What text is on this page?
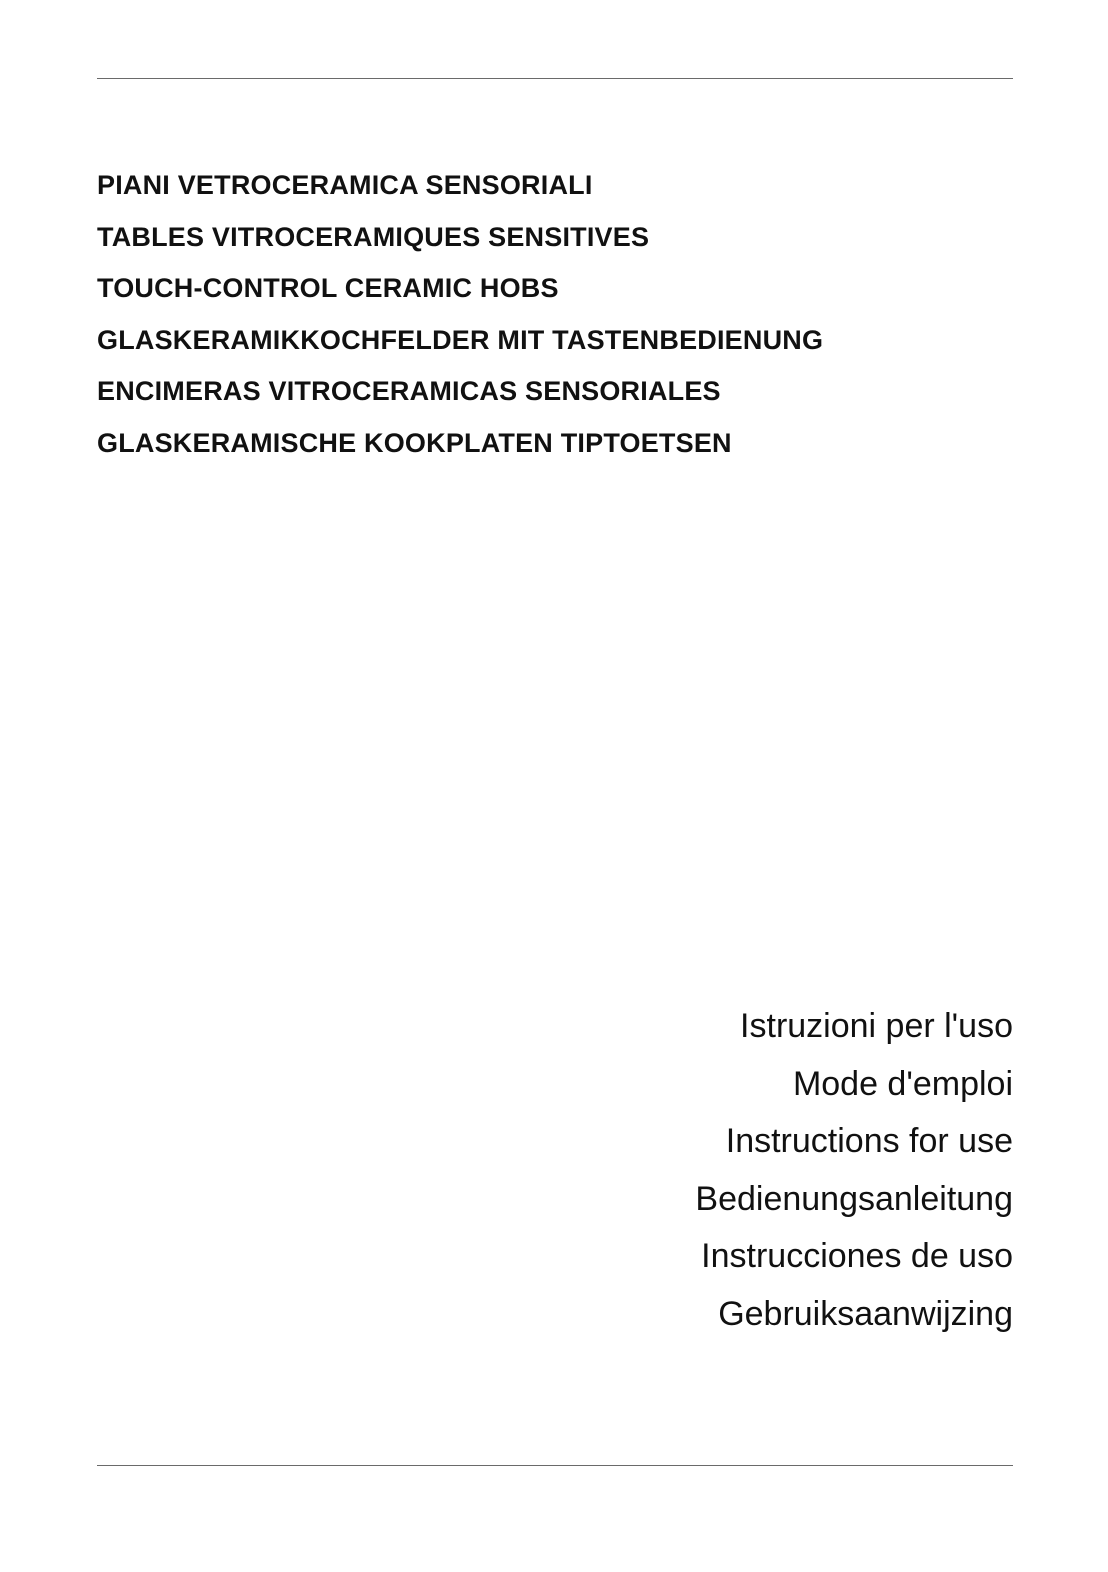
PIANI VETROCERAMICA SENSORIALI
TABLES VITROCERAMIQUES SENSITIVES
TOUCH-CONTROL CERAMIC HOBS
GLASKERAMIKKOCHFELDER MIT TASTENBEDIENUNG
ENCIMERAS VITROCERAMICAS SENSORIALES
GLASKERAMISCHE KOOKPLATEN TIPTOETSEN
Istruzioni per l'uso
Mode d'emploi
Instructions for use
Bedienungsanleitung
Instrucciones de uso
Gebruiksaanwijzing
